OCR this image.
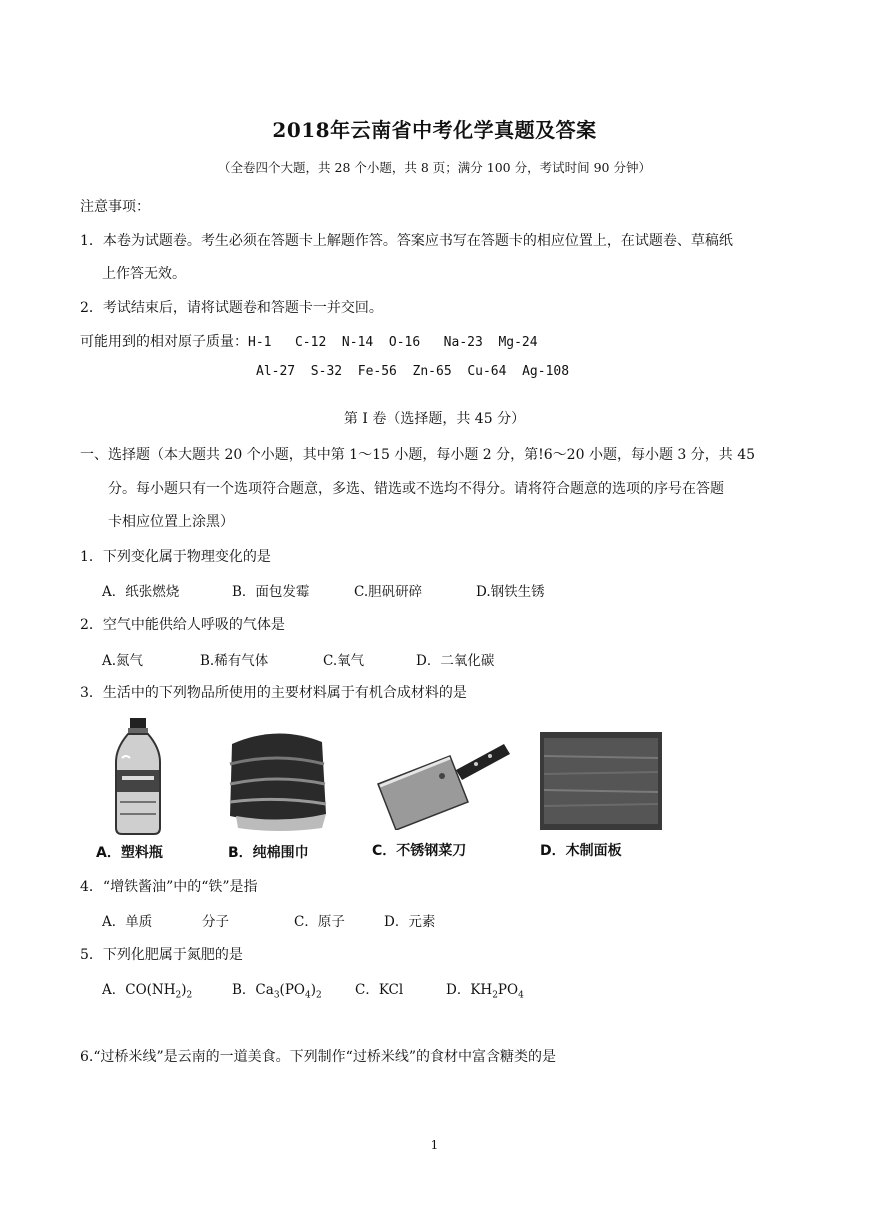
2018年云南省中考化学真题及答案
（全卷四个大题，共 28 个小题，共 8 页；满分 100 分，考试时间 90 分钟）
注意事项：
1．本卷为试题卷。考生必须在答题卡上解题作答。答案应书写在答题卡的相应位置上，在试题卷、草稿纸
上作答无效。
2．考试结束后，请将试题卷和答题卡一并交回。
可能用到的相对原子质量：H-1   C-12  N-14  O-16   Na-23  Mg-24
Al-27  S-32  Fe-56  Zn-65  Cu-64  Ag-108
第 I 卷（选择题，共 45 分）
一、选择题（本大题共 20 个小题，其中第 1～15 小题，每小题 2 分，第!6～20 小题，每小题 3 分，共 45
分。每小题只有一个选项符合题意，多选、错选或不选均不得分。请将符合题意的选项的序号在答题
卡相应位置上涂黑）
1．下列变化属于物理变化的是
A．纸张燃烧	B．面包发霉	C.胆矾研碎	D.钢铁生锈
2．空气中能供给人呼吸的气体是
A.氮气	B.稀有气体	C.氧气	D．二氧化碳
3．生活中的下列物品所使用的主要材料属于有机合成材料的是
A．塑料瓶	B．纯棉围巾	C．不锈钢菜刀	D．木制面板
4．“增铁酱油”中的“铁”是指
A．单质	分子	C．原子	D．元素
5．下列化肥属于氮肥的是
A．$CO(NH_2)_2$	B．$Ca_3(PO_4)_2$ C．KCl	D．$KH_2PO_4$
6.“过桥米线”是云南的一道美食。下列制作“过桥米线”的食材中富含糖类的是
1
